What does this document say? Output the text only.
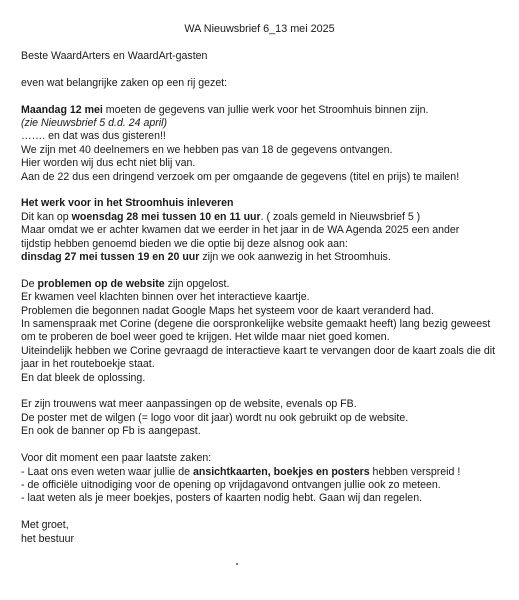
WA Nieuwsbrief 6_13 mei 2025
Beste WaardArters en WaardArt-gasten
even wat belangrijke zaken op een rij gezet:
Maandag 12 mei moeten de gegevens van jullie werk voor het Stroomhuis binnen zijn.
(zie Nieuwsbrief 5 d.d. 24 april)
……. en dat was dus gisteren!!
We zijn met 40 deelnemers en we hebben pas van 18 de gegevens ontvangen.
Hier worden wij dus echt niet blij van.
Aan de 22 dus een dringend verzoek om per omgaande de gegevens (titel en prijs) te mailen!
Het werk voor in het Stroomhuis inleveren
Dit kan op woensdag 28 mei tussen 10 en 11 uur. ( zoals gemeld in Nieuwsbrief 5 )
Maar omdat we er achter kwamen dat we eerder in het jaar in de WA Agenda 2025 een ander
tijdstip hebben genoemd bieden we die optie bij deze alsnog ook aan:
dinsdag 27 mei tussen 19 en 20 uur zijn we ook aanwezig in het Stroomhuis.
De problemen op de website zijn opgelost.
Er kwamen veel klachten binnen over het interactieve kaartje.
Problemen die begonnen nadat Google Maps het systeem voor de kaart veranderd had.
In samenspraak met Corine (degene die oorspronkelijke website gemaakt heeft) lang bezig geweest
om te proberen de boel weer goed te krijgen. Het wilde maar niet goed komen.
Uiteindelijk hebben we Corine gevraagd de interactieve kaart te vervangen door de kaart zoals die dit
jaar in het routeboekje staat.
En dat bleek de oplossing.
Er zijn trouwens wat meer aanpassingen op de website, evenals op FB.
De poster met de wilgen (= logo voor dit jaar) wordt nu ook gebruikt op de website.
En ook de banner op Fb is aangepast.
Voor dit moment een paar laatste zaken:
- Laat ons even weten waar jullie de ansichtkaarten, boekjes en posters hebben verspreid !
- de officiële uitnodiging voor de opening op vrijdagavond ontvangen jullie ook zo meteen.
- laat weten als je meer boekjes, posters of kaarten nodig hebt. Gaan wij dan regelen.
Met groet,
het bestuur
